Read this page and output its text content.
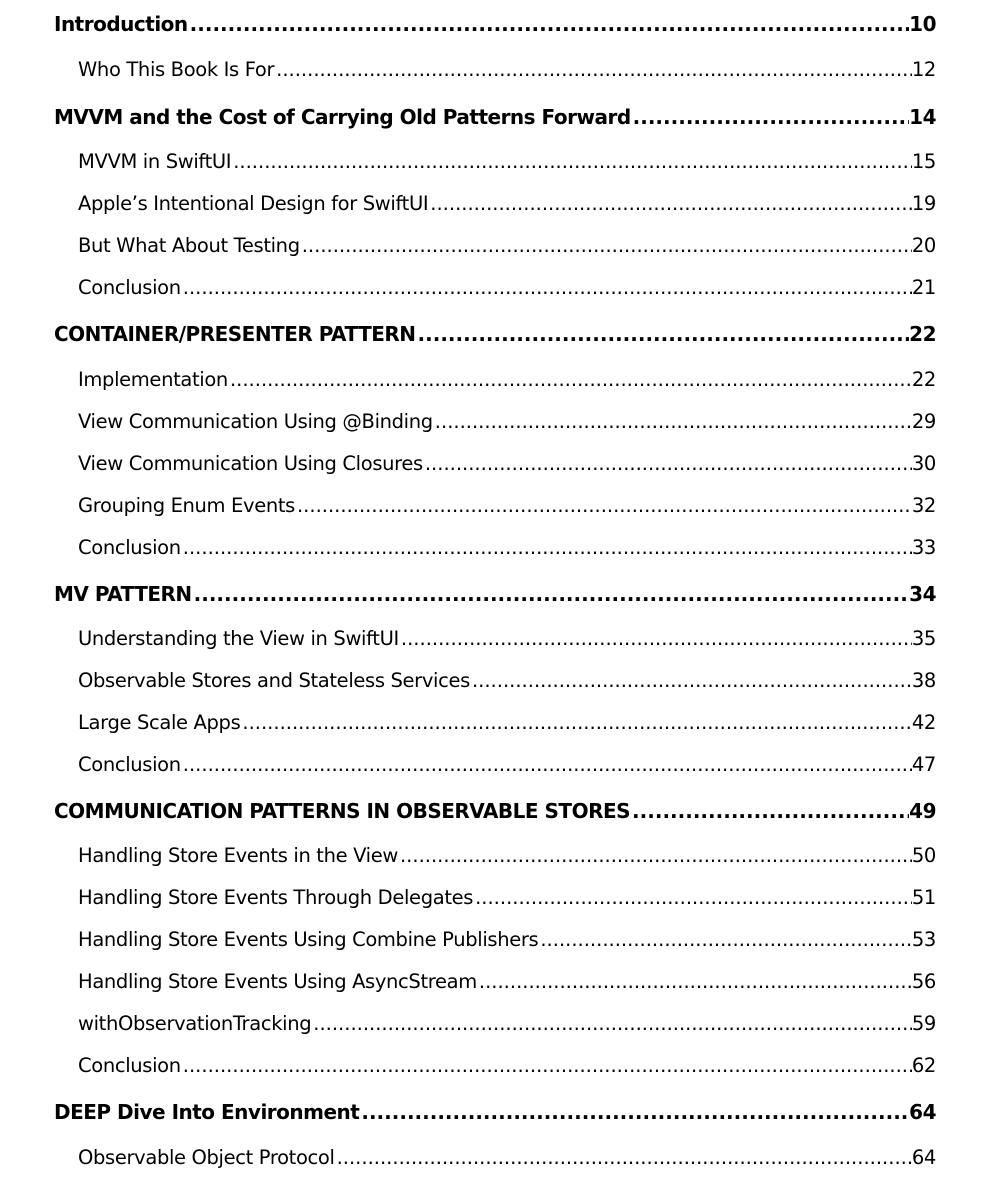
Introduction .....	10
Who This Book Is For .....	12
MVVM and the Cost of Carrying Old Patterns Forward .....	14
MVVM in SwiftUI .....	15
Apple’s Intentional Design for SwiftUI .....	19
But What About Testing .....	20
Conclusion .....	21
CONTAINER/PRESENTER PATTERN .....	22
Implementation .....	22
View Communication Using @Binding .....	29
View Communication Using Closures .....	30
Grouping Enum Events .....	32
Conclusion .....	33
MV PATTERN .....	34
Understanding the View in SwiftUI .....	35
Observable Stores and Stateless Services .....	38
Large Scale Apps .....	42
Conclusion .....	47
COMMUNICATION PATTERNS IN OBSERVABLE STORES .....	49
Handling Store Events in the View .....	50
Handling Store Events Through Delegates .....	51
Handling Store Events Using Combine Publishers .....	53
Handling Store Events Using AsyncStream .....	56
withObservationTracking .....	59
Conclusion .....	62
DEEP Dive Into Environment .....	64
Observable Object Protocol .....	64
